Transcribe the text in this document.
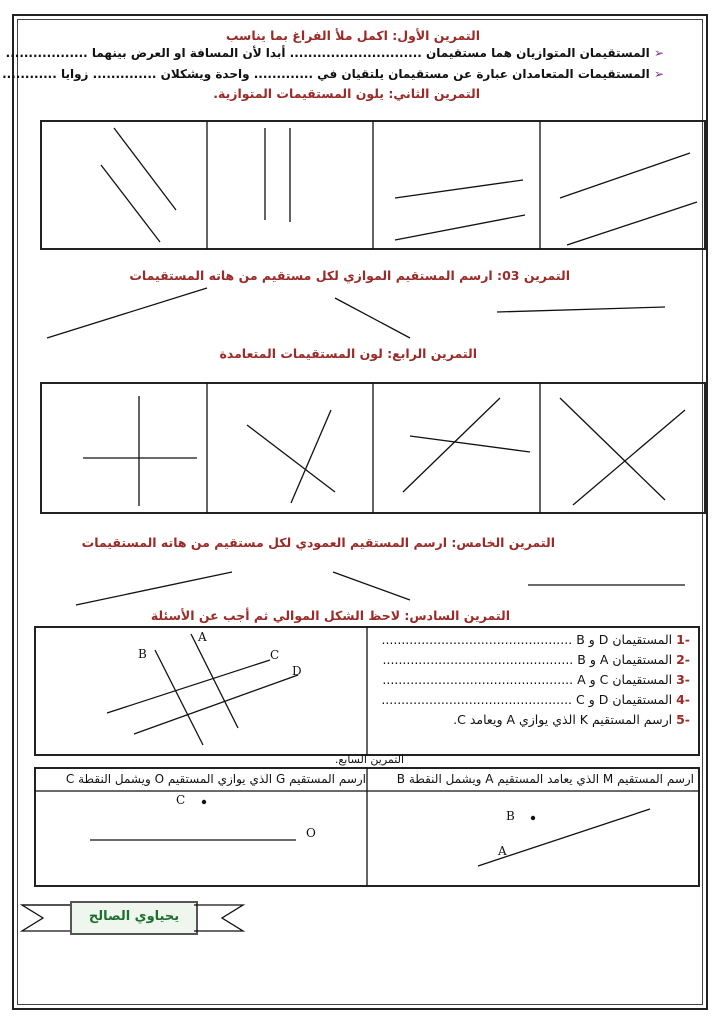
التمرين الأول: اكمل ملأ الفراغ بما يناسب
➢ المستقيمان المتوازيان هما مستقيمان ............................. أبدا لأن المسافة او العرض بينهما ..................
➢ المستقيمات المتعامدان عبارة عن مستقيمان يلتقيان في ............. واحدة ويشكلان .............. زوايا ............
التمرين الثاني: يلون المستقيمات المتوازية.
التمرين 03: ارسم المستقيم الموازي لكل مستقيم من هاته المستقيمات
التمرين الرابع: لون المستقيمات المتعامدة
التمرين الخامس: ارسم المستقيم العمودي لكل مستقيم من هاته المستقيمات
التمرين السادس: لاحظ الشكل الموالي ثم أجب عن الأسئلة
-1 المستقيمان D و B ................................................
-2 المستقيمان A و B ................................................
-3 المستقيمان C و A ................................................
-4 المستقيمان D و C ................................................
-5 ارسم المستقيم K الذي يوازي A ويعامد C.
A
B	C
D
التمرين السابع.
ارسم المستقيم G الذي يوازي المستقيم O ويشمل النقطة C	ارسم المستقيم M الذي يعامد المستقيم A ويشمل النقطة B
C
O
B
A
يحياوي الصالح
